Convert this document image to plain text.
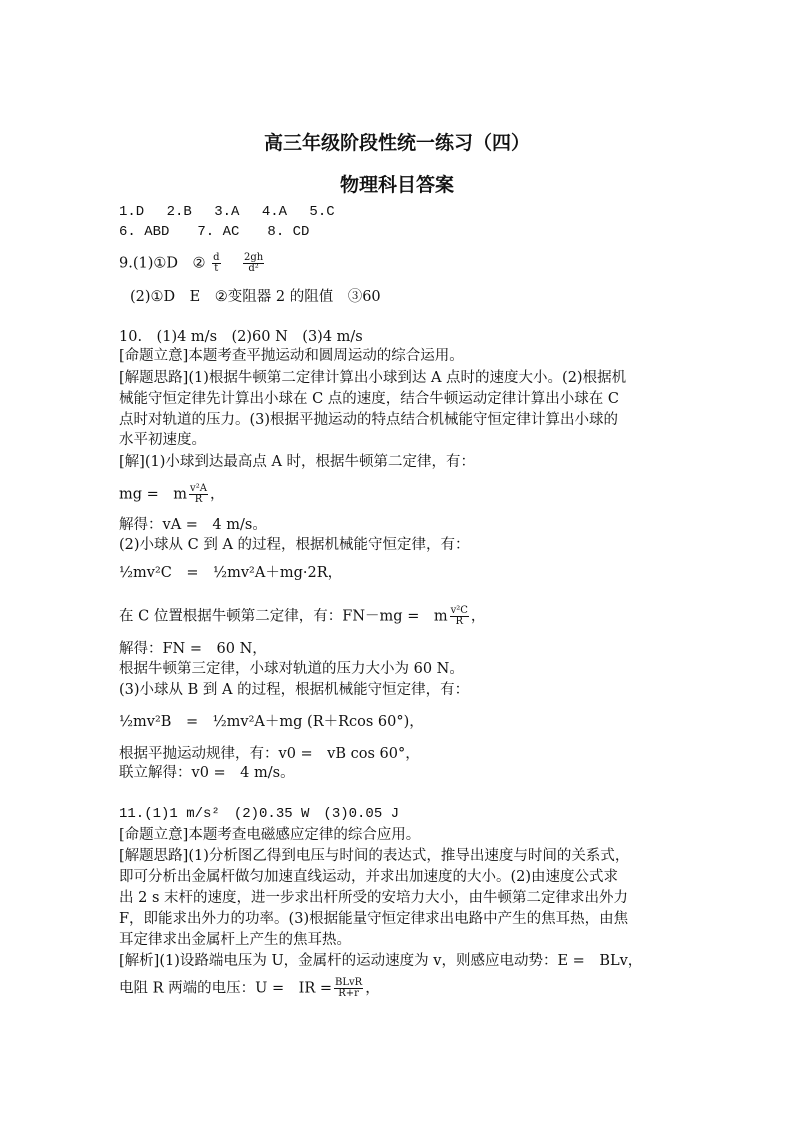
高三年级阶段性统一练习（四）
物理科目答案
1.D　 2.B　 3.A　 4.A　 5.C
6. ABD　　7. AC　　8. CD
9.(1)①D　② $\frac{d}{t}$
$\frac{2gh}{\text{d²}}$
(2)①D　E　②变阻器 2 的阻值　③60
10.　(1)4 m/s　(2)60 N　(3)4 m/s
[命题立意]本题考查平抛运动和圆周运动的综合运用。
[解题思路](1)根据牛顿第二定律计算出小球到达 A 点时的速度大小。(2)根据机
械能守恒定律先计算出小球在 C 点的速度，结合牛顿运动定律计算出小球在 C
点时对轨道的压力。(3)根据平抛运动的特点结合机械能守恒定律计算出小球的
水平初速度。
[解](1)小球到达最高点 A 时，根据牛顿第二定律，有：
mg =　m $\frac{\text{v²A}}{R}$ ，
解得：vA =　4 m/s。
(2)小球从 C 到 A 的过程，根据机械能守恒定律，有：
½mv²C　=　½mv²A＋mg·2R，
在 C 位置根据牛顿第二定律，有：FN－mg =　m $\frac{\text{v²C}}{R}$ ，
解得：FN =　60 N，
根据牛顿第三定律，小球对轨道的压力大小为 60 N。
(3)小球从 B 到 A 的过程，根据机械能守恒定律，有：
½mv²B　=　½mv²A＋mg (R＋Rcos 60°)，
根据平抛运动规律，有：v0 =　vB cos 60°，
联立解得：v0 =　4 m/s。
11.(1)1 m/s²　(2)0.35 W　(3)0.05 J
[命题立意]本题考查电磁感应定律的综合应用。
[解题思路](1)分析图乙得到电压与时间的表达式，推导出速度与时间的关系式，
即可分析出金属杆做匀加速直线运动，并求出加速度的大小。(2)由速度公式求
出 2 s 末杆的速度，进一步求出杆所受的安培力大小，由牛顿第二定律求出外力
F，即能求出外力的功率。(3)根据能量守恒定律求出电路中产生的焦耳热，由焦
耳定律求出金属杆上产生的焦耳热。
[解析](1)设路端电压为 U，金属杆的运动速度为 v，则感应电动势：E =　BLv，
电阻 R 两端的电压：U =　IR = $\frac{\text{BLvR}}{R+r}$ ，
